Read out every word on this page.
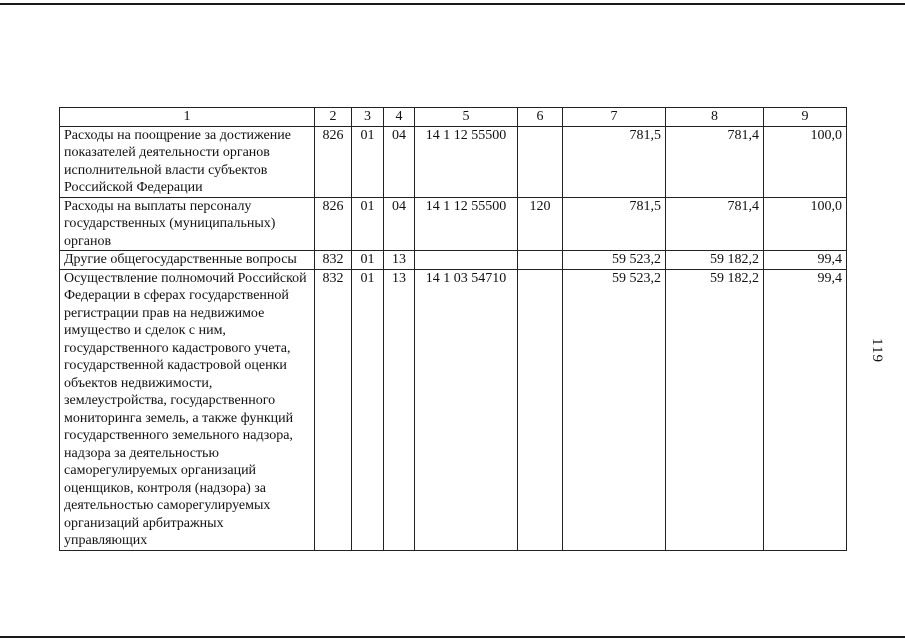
119
1	2	3	4	5	6	7	8	9
Расходы на поощрение за достижение показателей деятельности органов исполнительной власти субъектов Российской Федерации	826	01	04	14 1 12 55500		781,5	781,4	100,0
Расходы на выплаты персоналу государственных (муниципальных) органов	826	01	04	14 1 12 55500	120	781,5	781,4	100,0
Другие общегосударственные вопросы	832	01	13			59 523,2	59 182,2	99,4
Осуществление полномочий Российской Федерации в сферах государственной регистрации прав на недвижимое имущество и сделок с ним, государственного кадастрового учета, государственной кадастровой оценки объектов недвижимости, землеустройства, государственного мониторинга земель, а также функций государственного земельного надзора, надзора за деятельностью саморегулируемых организаций оценщиков, контроля (надзора) за деятельностью саморегулируемых организаций арбитражных управляющих	832	01	13	14 1 03 54710		59 523,2	59 182,2	99,4
